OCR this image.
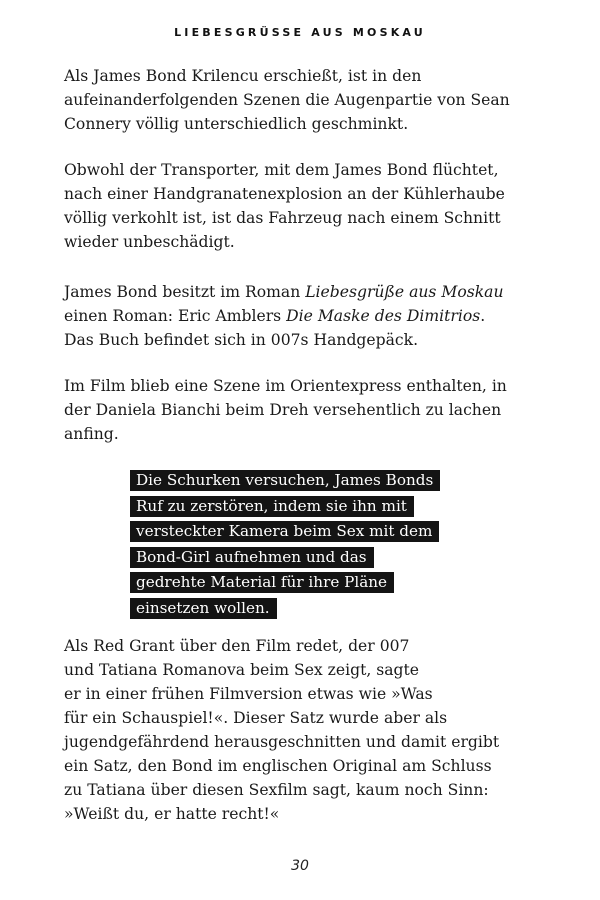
LIEBESGRÜSSE AUS MOSKAU

Als James Bond Krilencu erschießt, ist in den
aufeinanderfolgenden Szenen die Augenpartie von Sean
Connery völlig unterschiedlich geschminkt.

Obwohl der Transporter, mit dem James Bond flüchtet,
nach einer Handgranatenexplosion an der Kühlerhaube
völlig verkohlt ist, ist das Fahrzeug nach einem Schnitt
wieder unbeschädigt.

James Bond besitzt im Roman Liebesgrüße aus Moskau
einen Roman: Eric Amblers Die Maske des Dimitrios.
Das Buch befindet sich in 007s Handgepäck.

Im Film blieb eine Szene im Orientexpress enthalten, in
der Daniela Bianchi beim Dreh versehentlich zu lachen
anfing.

Die Schurken versuchen, James Bonds
Ruf zu zerstören, indem sie ihn mit
versteckter Kamera beim Sex mit dem
Bond-Girl aufnehmen und das
gedrehte Material für ihre Pläne
einsetzen wollen.

Als Red Grant über den Film redet, der 007
und Tatiana Romanova beim Sex zeigt, sagte
er in einer frühen Filmversion etwas wie »Was
für ein Schauspiel!«. Dieser Satz wurde aber als
jugendgefährdend herausgeschnitten und damit ergibt
ein Satz, den Bond im englischen Original am Schluss
zu Tatiana über diesen Sexfilm sagt, kaum noch Sinn:
»Weißt du, er hatte recht!«

30
